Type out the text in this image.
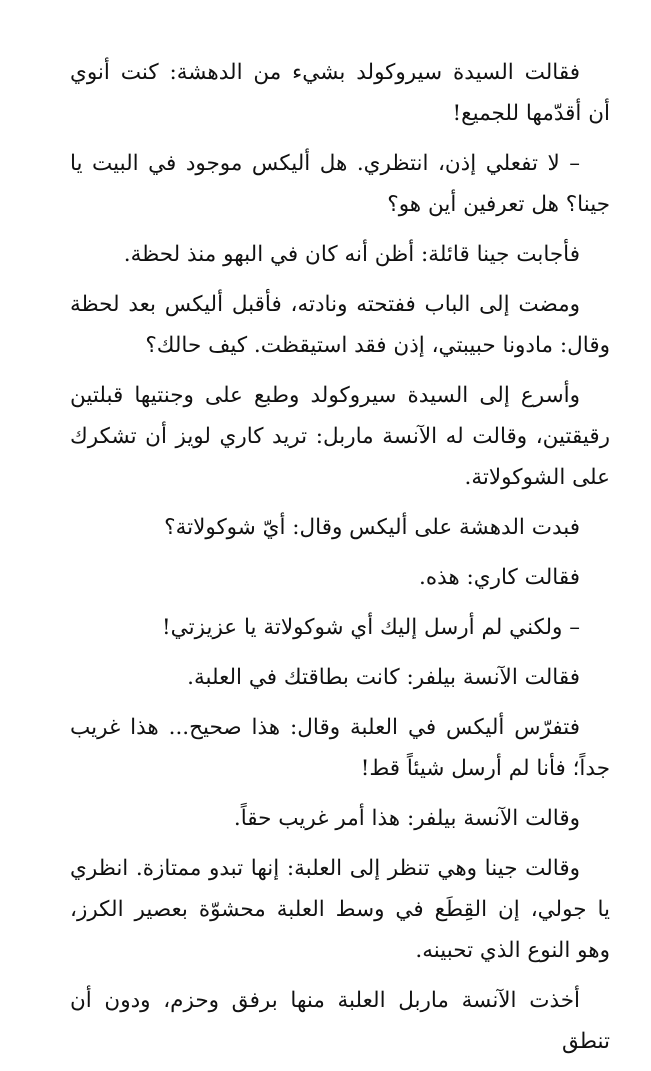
فقالت السيدة سيروكولد بشيء من الدهشة: كنت أنوي أن أقدّمها للجميع!

– لا تفعلي إذن، انتظري. هل أليكس موجود في البيت يا جينا؟ هل تعرفين أين هو؟

فأجابت جينا قائلة: أظن أنه كان في البهو منذ لحظة.

ومضت إلى الباب ففتحته ونادته، فأقبل أليكس بعد لحظة وقال: مادونا حبيبتي، إذن فقد استيقظت. كيف حالك؟

وأسرع إلى السيدة سيروكولد وطبع على وجنتيها قبلتين رقيقتين، وقالت له الآنسة ماربل: تريد كاري لويز أن تشكرك على الشوكولاتة.

فبدت الدهشة على أليكس وقال: أيّ شوكولاتة؟

فقالت كاري: هذه.

– ولكني لم أرسل إليك أي شوكولاتة يا عزيزتي!

فقالت الآنسة بيلفر: كانت بطاقتك في العلبة.

فتفرّس أليكس في العلبة وقال: هذا صحيح... هذا غريب جداً؛ فأنا لم أرسل شيئاً قط!

وقالت الآنسة بيلفر: هذا أمر غريب حقاً.

وقالت جينا وهي تنظر إلى العلبة: إنها تبدو ممتازة. انظري يا جولي، إن القِطَع في وسط العلبة محشوّة بعصير الكرز، وهو النوع الذي تحبينه.

أخذت الآنسة ماربل العلبة منها برفق وحزم، ودون أن تنطق
